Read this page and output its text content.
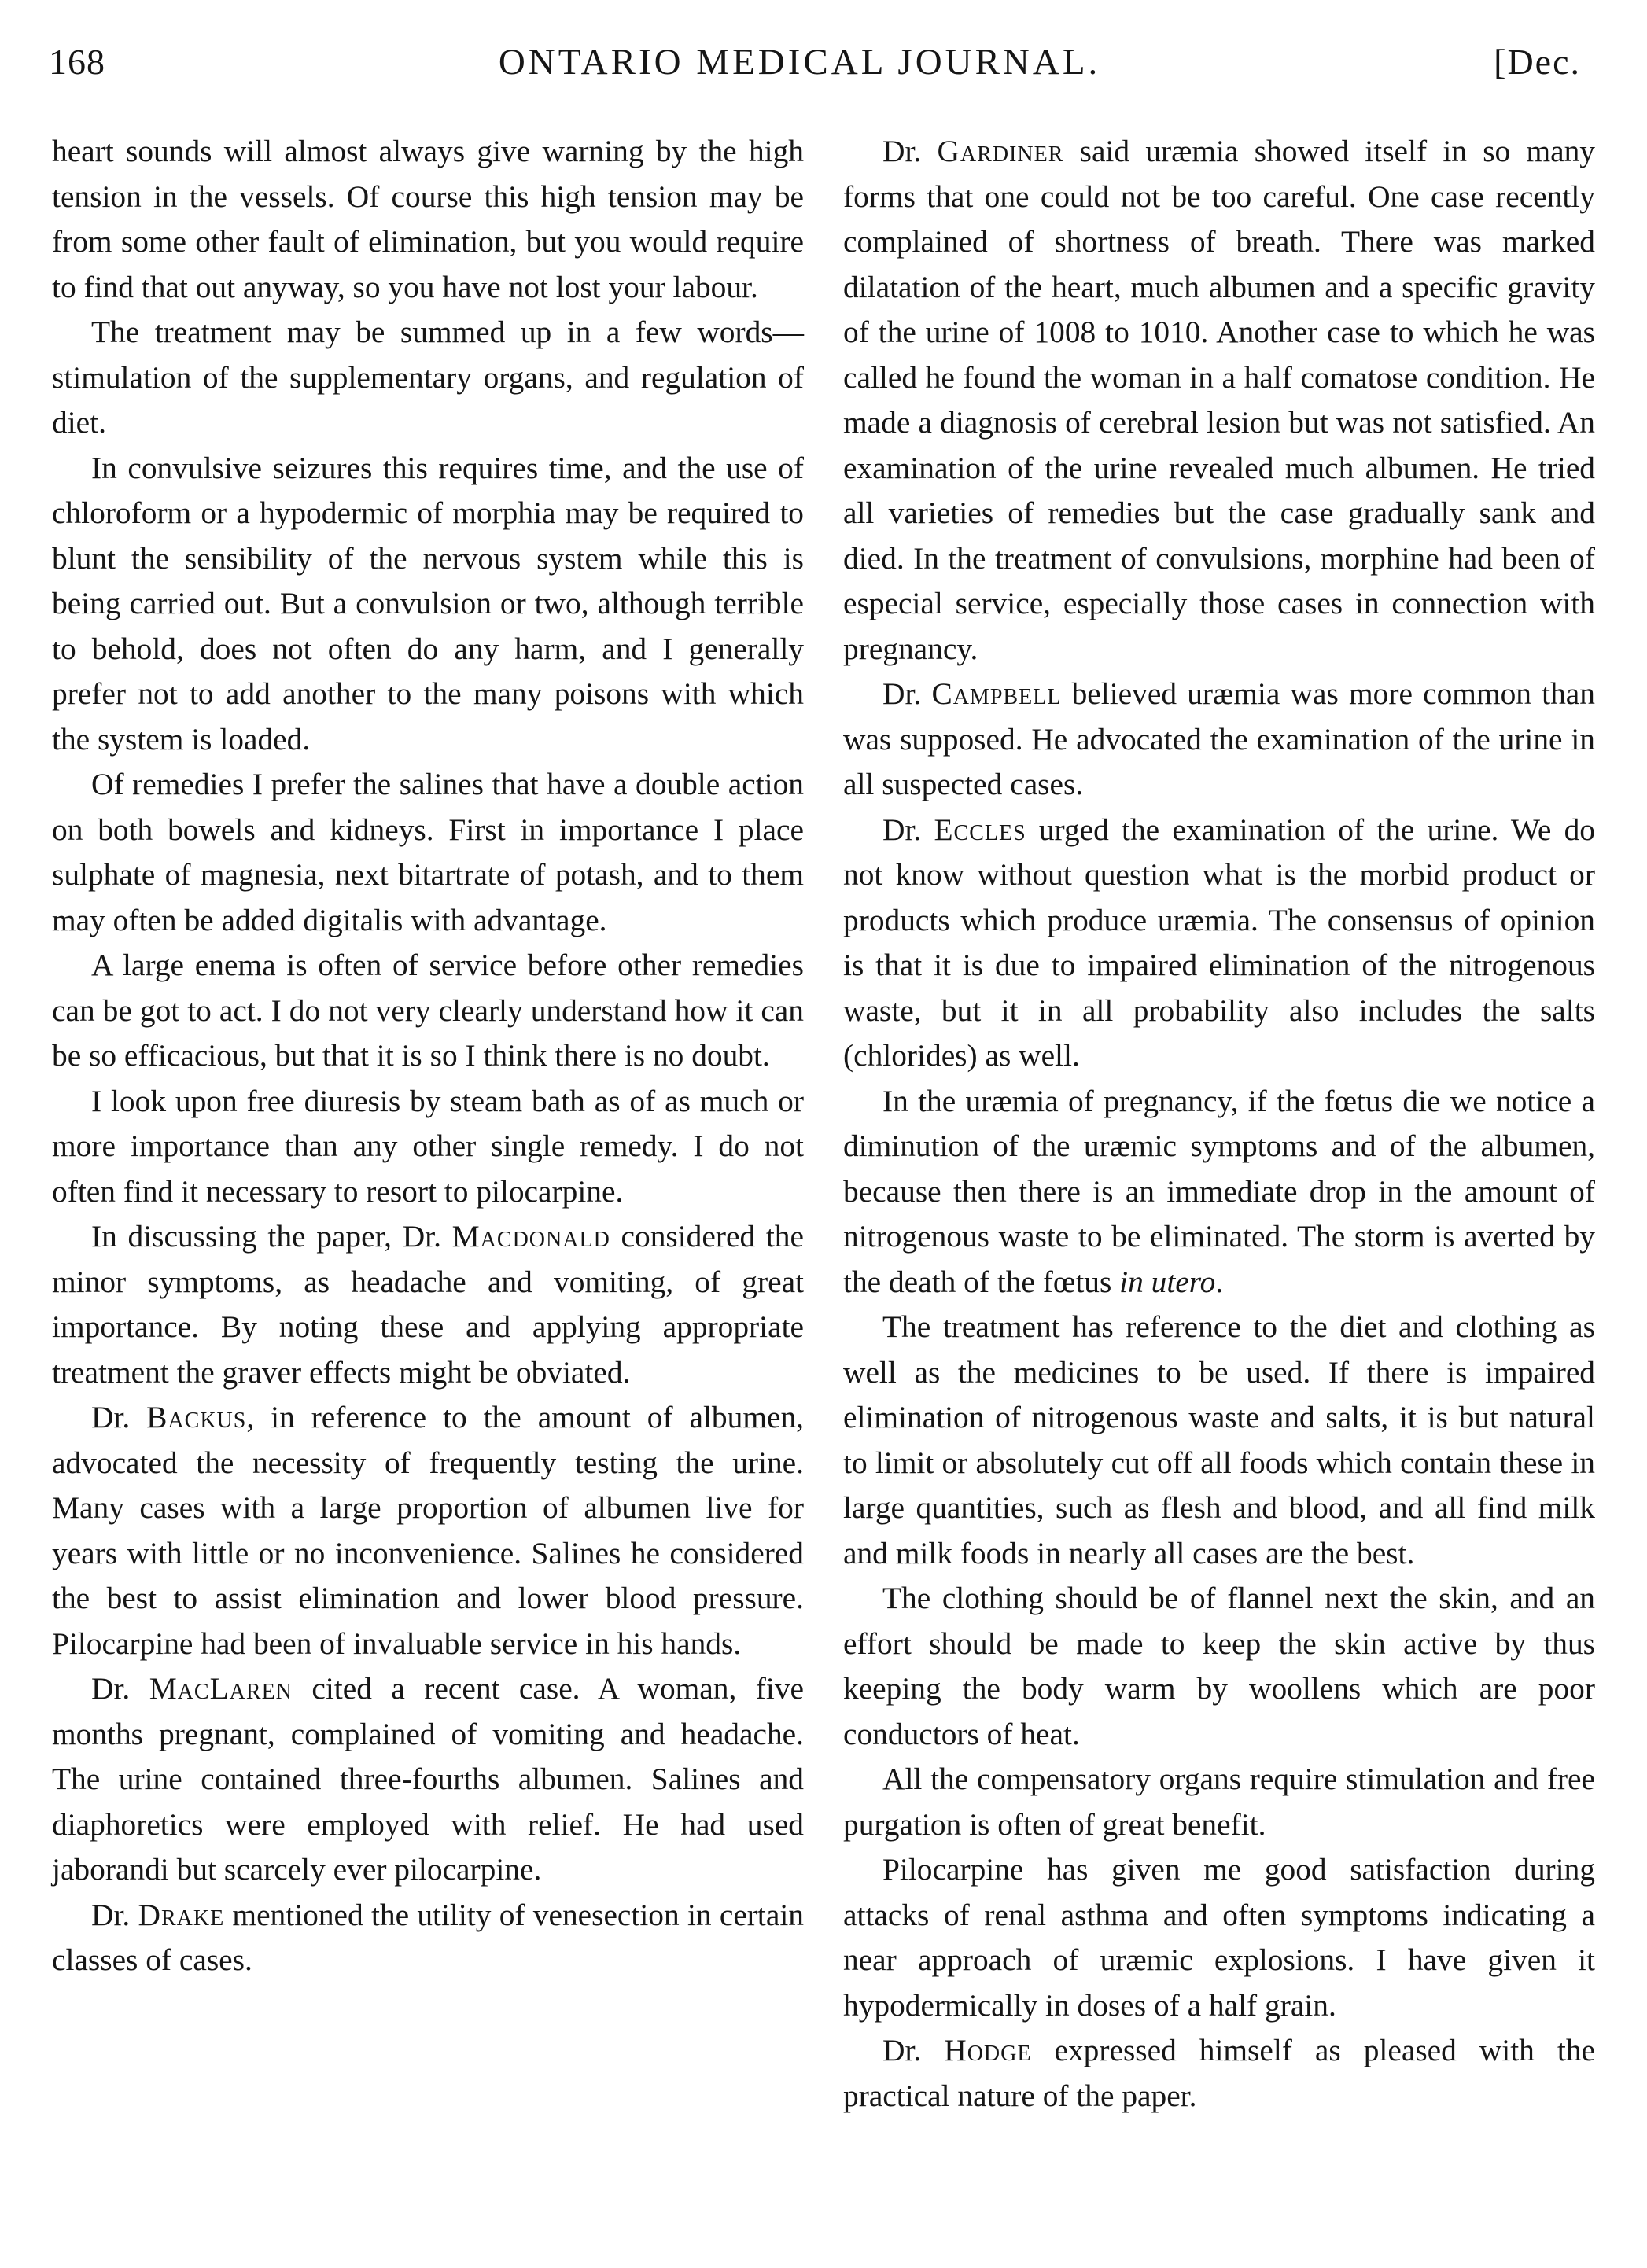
168	ONTARIO MEDICAL JOURNAL.	[Dec.

heart sounds will almost always give warning by the high tension in the vessels. Of course this high tension may be from some other fault of elimination, but you would require to find that out anyway, so you have not lost your labour.

The treatment may be summed up in a few words—stimulation of the supplementary organs, and regulation of diet.

In convulsive seizures this requires time, and the use of chloroform or a hypodermic of morphia may be required to blunt the sensibility of the nervous system while this is being carried out. But a convulsion or two, although terrible to behold, does not often do any harm, and I generally prefer not to add another to the many poisons with which the system is loaded.

Of remedies I prefer the salines that have a double action on both bowels and kidneys. First in importance I place sulphate of magnesia, next bitartrate of potash, and to them may often be added digitalis with advantage.

A large enema is often of service before other remedies can be got to act. I do not very clearly understand how it can be so efficacious, but that it is so I think there is no doubt.

I look upon free diuresis by steam bath as of as much or more importance than any other single remedy. I do not often find it necessary to resort to pilocarpine.

In discussing the paper, Dr. Macdonald considered the minor symptoms, as headache and vomiting, of great importance. By noting these and applying appropriate treatment the graver effects might be obviated.

Dr. Backus, in reference to the amount of albumen, advocated the necessity of frequently testing the urine. Many cases with a large proportion of albumen live for years with little or no inconvenience. Salines he considered the best to assist elimination and lower blood pressure. Pilocarpine had been of invaluable service in his hands.

Dr. MacLaren cited a recent case. A woman, five months pregnant, complained of vomiting and headache. The urine contained three-fourths albumen. Salines and diaphoretics were employed with relief. He had used jaborandi but scarcely ever pilocarpine.

Dr. Drake mentioned the utility of venesection in certain classes of cases.

Dr. Gardiner said uræmia showed itself in so many forms that one could not be too careful. One case recently complained of shortness of breath. There was marked dilatation of the heart, much albumen and a specific gravity of the urine of 1008 to 1010. Another case to which he was called he found the woman in a half comatose condition. He made a diagnosis of cerebral lesion but was not satisfied. An examination of the urine revealed much albumen. He tried all varieties of remedies but the case gradually sank and died. In the treatment of convulsions, morphine had been of especial service, especially those cases in connection with pregnancy.

Dr. Campbell believed uræmia was more common than was supposed. He advocated the examination of the urine in all suspected cases.

Dr. Eccles urged the examination of the urine. We do not know without question what is the morbid product or products which produce uræmia. The consensus of opinion is that it is due to impaired elimination of the nitrogenous waste, but it in all probability also includes the salts (chlorides) as well.

In the uræmia of pregnancy, if the fœtus die we notice a diminution of the uræmic symptoms and of the albumen, because then there is an immediate drop in the amount of nitrogenous waste to be eliminated. The storm is averted by the death of the fœtus in utero.

The treatment has reference to the diet and clothing as well as the medicines to be used. If there is impaired elimination of nitrogenous waste and salts, it is but natural to limit or absolutely cut off all foods which contain these in large quantities, such as flesh and blood, and all find milk and milk foods in nearly all cases are the best.

The clothing should be of flannel next the skin, and an effort should be made to keep the skin active by thus keeping the body warm by woollens which are poor conductors of heat.

All the compensatory organs require stimulation and free purgation is often of great benefit.

Pilocarpine has given me good satisfaction during attacks of renal asthma and often symptoms indicating a near approach of uræmic explosions. I have given it hypodermically in doses of a half grain.

Dr. Hodge expressed himself as pleased with the practical nature of the paper.
